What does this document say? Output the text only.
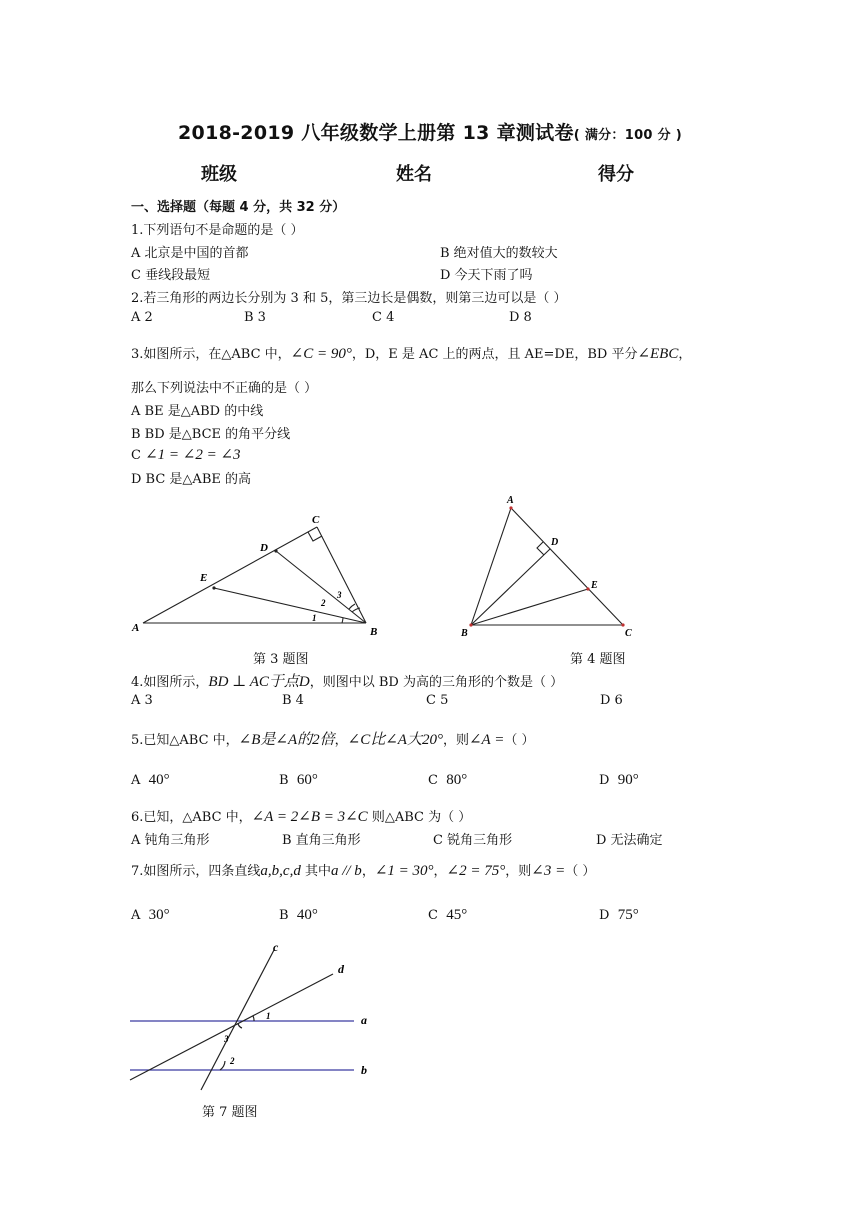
2018-2019 八年级数学上册第 13 章测试卷( 满分：100 分 )
班级	姓名	得分
一、选择题（每题 4 分，共 32 分）
1.下列语句不是命题的是（ ）
A 北京是中国的首都	B 绝对值大的数较大
C 垂线段最短	D 今天下雨了吗
2.若三角形的两边长分别为 3 和 5，第三边长是偶数，则第三边可以是（ ）
A 2	B 3	C 4	D 8
3.如图所示，在△ABC 中，∠C = 90°，D，E 是 AC 上的两点，且 AE=DE，BD 平分∠EBC，
那么下列说法中不正确的是（ ）
A BE 是△ABD 的中线
B BD 是△BCE 的角平分线
C ∠1 = ∠2 = ∠3
D BC 是△ABE 的高
A	B
C
D
E
1
2
3
第 3 题图
A
B	C
D
E
第 4 题图
4.如图所示，BD ⊥ AC于点D，则图中以 BD 为高的三角形的个数是（ ）
A 3	B 4	C 5	D 6
5.已知△ABC 中，∠B是∠A的2倍，∠C比∠A大20°，则∠A =（ ）
A 40°	B 60°	C 80°	D 90°
6.已知，△ABC 中，∠A = 2∠B = 3∠C 则△ABC 为（ ）
A 钝角三角形	B 直角三角形	C 锐角三角形	D 无法确定
7.如图所示，四条直线a,b,c,d 其中a // b，∠1 = 30°，∠2 = 75°，则∠3 =（ ）
A 30°	B 40°	C 45°	D 75°
c
d
a
b
1
2
3
第 7 题图
